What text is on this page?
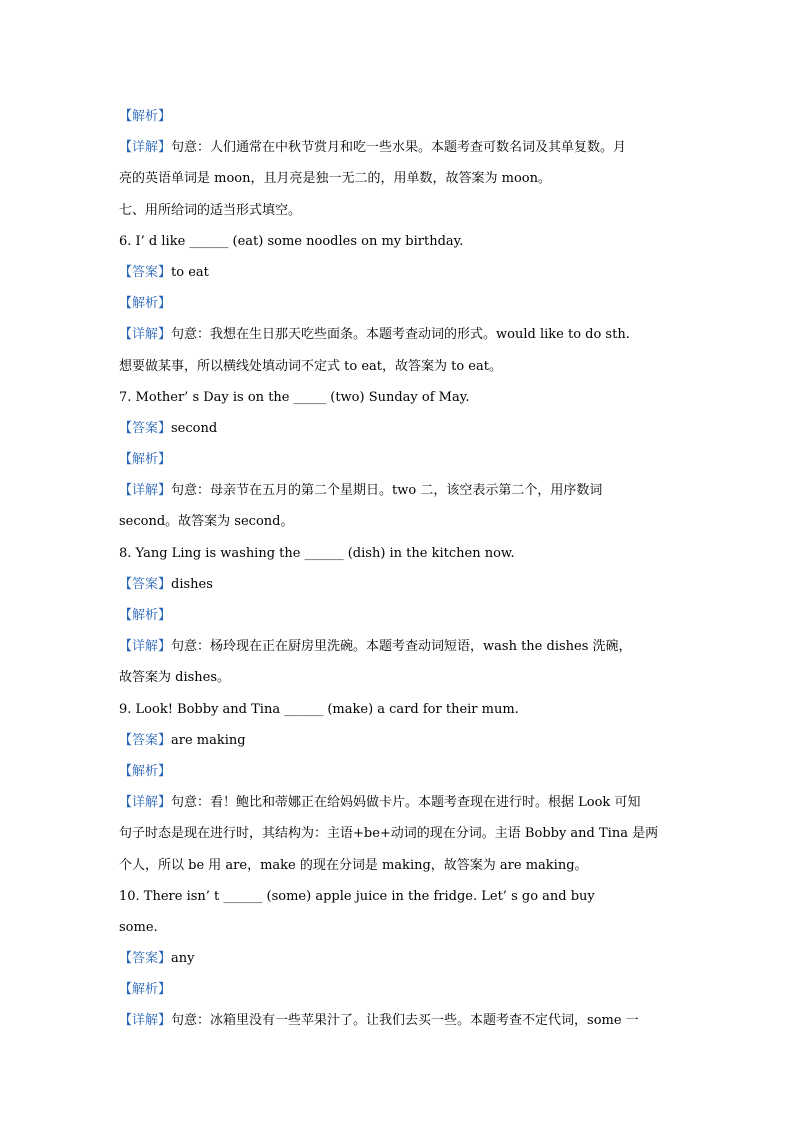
【解析】
【详解】句意：人们通常在中秋节赏月和吃一些水果。本题考查可数名词及其单复数。月
亮的英语单词是 moon，且月亮是独一无二的，用单数，故答案为 moon。
七、用所给词的适当形式填空。
6. I’ d like ______ (eat) some noodles on my birthday.
【答案】to eat
【解析】
【详解】句意：我想在生日那天吃些面条。本题考查动词的形式。would like to do sth.
想要做某事，所以横线处填动词不定式 to eat，故答案为 to eat。
7. Mother’ s Day is on the _____ (two) Sunday of May.
【答案】second
【解析】
【详解】句意：母亲节在五月的第二个星期日。two 二，该空表示第二个，用序数词
second。故答案为 second。
8. Yang Ling is washing the ______ (dish) in the kitchen now.
【答案】dishes
【解析】
【详解】句意：杨玲现在正在厨房里洗碗。本题考查动词短语，wash the dishes 洗碗，
故答案为 dishes。
9. Look! Bobby and Tina ______ (make) a card for their mum.
【答案】are making
【解析】
【详解】句意：看！鲍比和蒂娜正在给妈妈做卡片。本题考查现在进行时。根据 Look 可知
句子时态是现在进行时，其结构为：主语+be+动词的现在分词。主语 Bobby and Tina 是两
个人，所以 be 用 are，make 的现在分词是 making，故答案为 are making。
10. There isn’ t ______ (some) apple juice in the fridge. Let’ s go and buy
some.
【答案】any
【解析】
【详解】句意：冰箱里没有一些苹果汁了。让我们去买一些。本题考查不定代词，some 一
